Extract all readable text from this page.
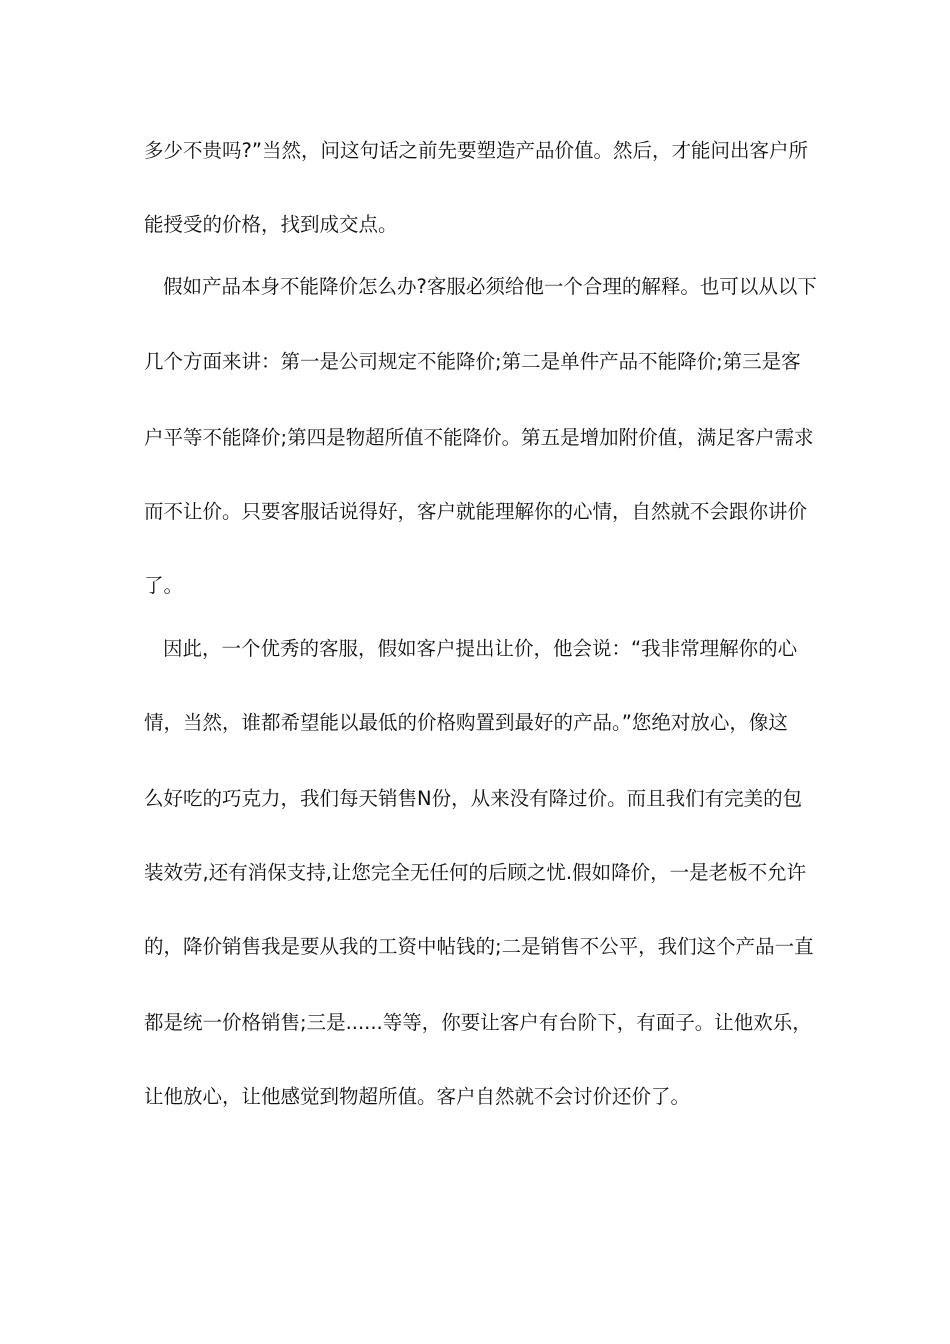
多少不贵吗?”当然，问这句话之前先要塑造产品价值。然后，才能问出客户所
能授受的价格，找到成交点。
假如产品本身不能降价怎么办?客服必须给他一个合理的解释。也可以从以下
几个方面来讲：第一是公司规定不能降价;第二是单件产品不能降价;第三是客
户平等不能降价;第四是物超所值不能降价。第五是增加附价值，满足客户需求
而不让价。只要客服话说得好，客户就能理解你的心情，自然就不会跟你讲价
了。
因此，一个优秀的客服，假如客户提出让价，他会说：“我非常理解你的心
情，当然，谁都希望能以最低的价格购置到最好的产品。”您绝对放心，像这
么好吃的巧克力，我们每天销售N份，从来没有降过价。而且我们有完美的包
装效劳,还有消保支持,让您完全无任何的后顾之忧.假如降价，一是老板不允许
的，降价销售我是要从我的工资中帖钱的;二是销售不公平，我们这个产品一直
都是统一价格销售;三是......等等，你要让客户有台阶下，有面子。让他欢乐，
让他放心，让他感觉到物超所值。客户自然就不会讨价还价了。
